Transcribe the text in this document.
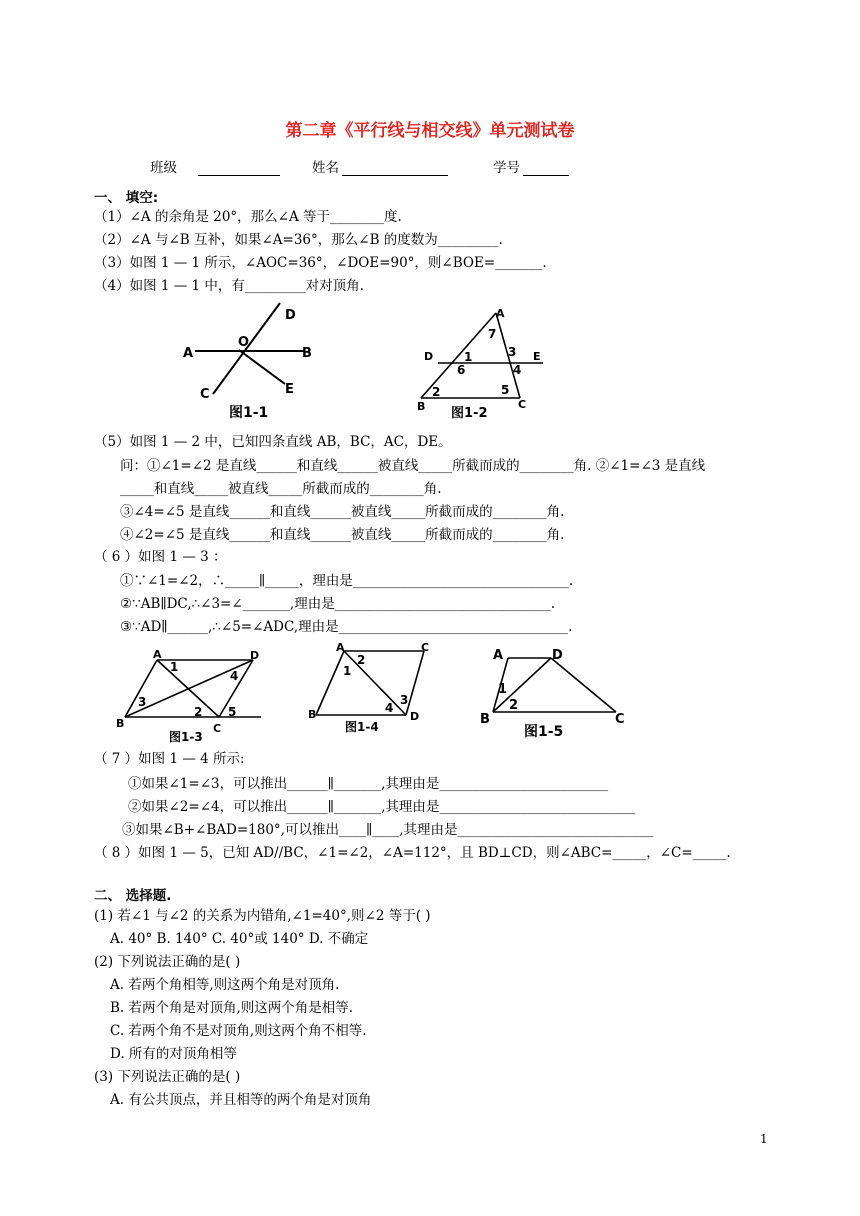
第二章《平行线与相交线》单元测试卷
班级	姓名	学号
一、 填空:
（1）∠A 的余角是 20°，那么∠A 等于________度.
（2）∠A 与∠B 互补，如果∠A=36°，那么∠B 的度数为_________.
（3）如图 1 — 1 所示，∠AOC=36°，∠DOE=90°，则∠BOE=_______.
（4）如图 1 — 1 中，有_________对对顶角.
A
O
B
C
D
E
图1-1
A
D	E
B	C
1
2
3
4
5
6
7
图1-2
（5）如图 1 — 2 中，已知四条直线 AB，BC，AC，DE。
问：①∠1=∠2 是直线______和直线______被直线_____所截而成的________角. ②∠1=∠3 是直线
_____和直线_____被直线_____所截而成的________角.
③∠4=∠5 是直线______和直线______被直线_____所截而成的________角.
④∠2=∠5 是直线______和直线______被直线_____所截而成的________角.
（ 6 ）如图 1 — 3 ：
①∵∠1=∠2，∴_____∥_____，理由是________________________________.
②∵AB∥DC,∴∠3=∠_______,理由是________________________________.
③∵AD∥______,∴∠5=∠ADC,理由是__________________________________.
A	D
B	C
1
2
3
4
5
图1-3
A	C
B	D
1
2
3
4
图1-4
A	D
B	C
1
2
图1-5
（ 7 ）如图 1 — 4 所示:
①如果∠1=∠3，可以推出______∥_______,其理由是_________________________
②如果∠2=∠4，可以推出______∥_______,其理由是_____________________________
③如果∠B+∠BAD=180°,可以推出____∥____,其理由是_____________________________
（ 8 ）如图 1 — 5，已知 AD//BC，∠1=∠2，∠A=112°，且 BD⊥CD，则∠ABC=_____，∠C=_____.
二、 选择题.
(1) 若∠1 与∠2 的关系为内错角,∠1=40°,则∠2 等于( )
A. 40° B. 140° C. 40°或 140° D. 不确定
(2) 下列说法正确的是( )
A. 若两个角相等,则这两个角是对顶角.
B. 若两个角是对顶角,则这两个角是相等.
C. 若两个角不是对顶角,则这两个角不相等.
D. 所有的对顶角相等
(3) 下列说法正确的是( )
A. 有公共顶点，并且相等的两个角是对顶角
1
